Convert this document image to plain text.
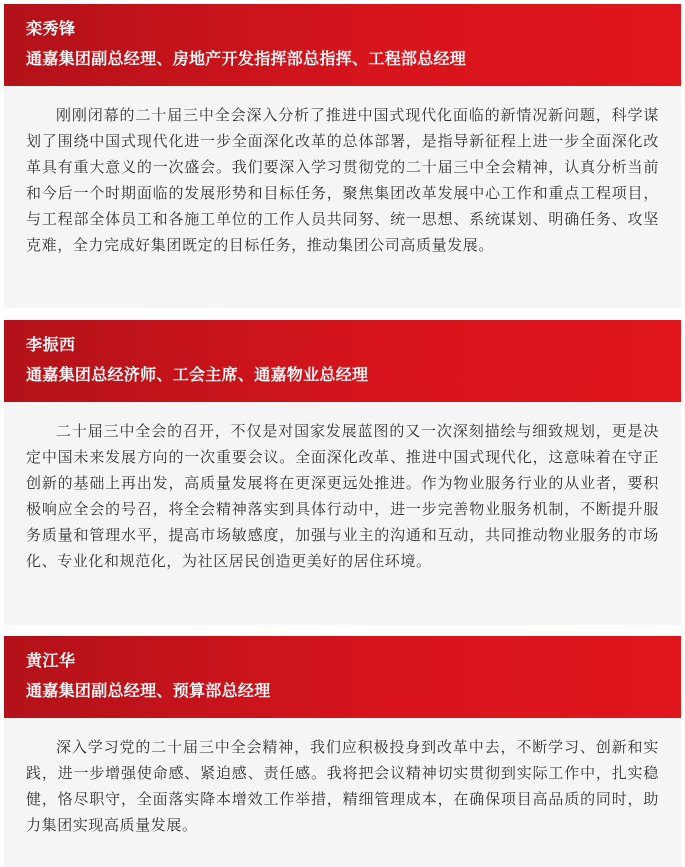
栾秀锋
通嘉集团副总经理、房地产开发指挥部总指挥、工程部总经理

刚刚闭幕的二十届三中全会深入分析了推进中国式现代化面临的新情况新问题，科学谋划了围绕中国式现代化进一步全面深化改革的总体部署，是指导新征程上进一步全面深化改革具有重大意义的一次盛会。我们要深入学习贯彻党的二十届三中全会精神，认真分析当前和今后一个时期面临的发展形势和目标任务，聚焦集团改革发展中心工作和重点工程项目，与工程部全体员工和各施工单位的工作人员共同努、统一思想、系统谋划、明确任务、攻坚克难，全力完成好集团既定的目标任务，推动集团公司高质量发展。

李振西
通嘉集团总经济师、工会主席、通嘉物业总经理

二十届三中全会的召开，不仅是对国家发展蓝图的又一次深刻描绘与细致规划，更是决定中国未来发展方向的一次重要会议。全面深化改革、推进中国式现代化，这意味着在守正创新的基础上再出发，高质量发展将在更深更远处推进。作为物业服务行业的从业者，要积极响应全会的号召，将全会精神落实到具体行动中，进一步完善物业服务机制，不断提升服务质量和管理水平，提高市场敏感度，加强与业主的沟通和互动，共同推动物业服务的市场化、专业化和规范化，为社区居民创造更美好的居住环境。

黄江华
通嘉集团副总经理、预算部总经理

深入学习党的二十届三中全会精神，我们应积极投身到改革中去，不断学习、创新和实践，进一步增强使命感、紧迫感、责任感。我将把会议精神切实贯彻到实际工作中，扎实稳健，恪尽职守，全面落实降本增效工作举措，精细管理成本，在确保项目高品质的同时，助力集团实现高质量发展。
